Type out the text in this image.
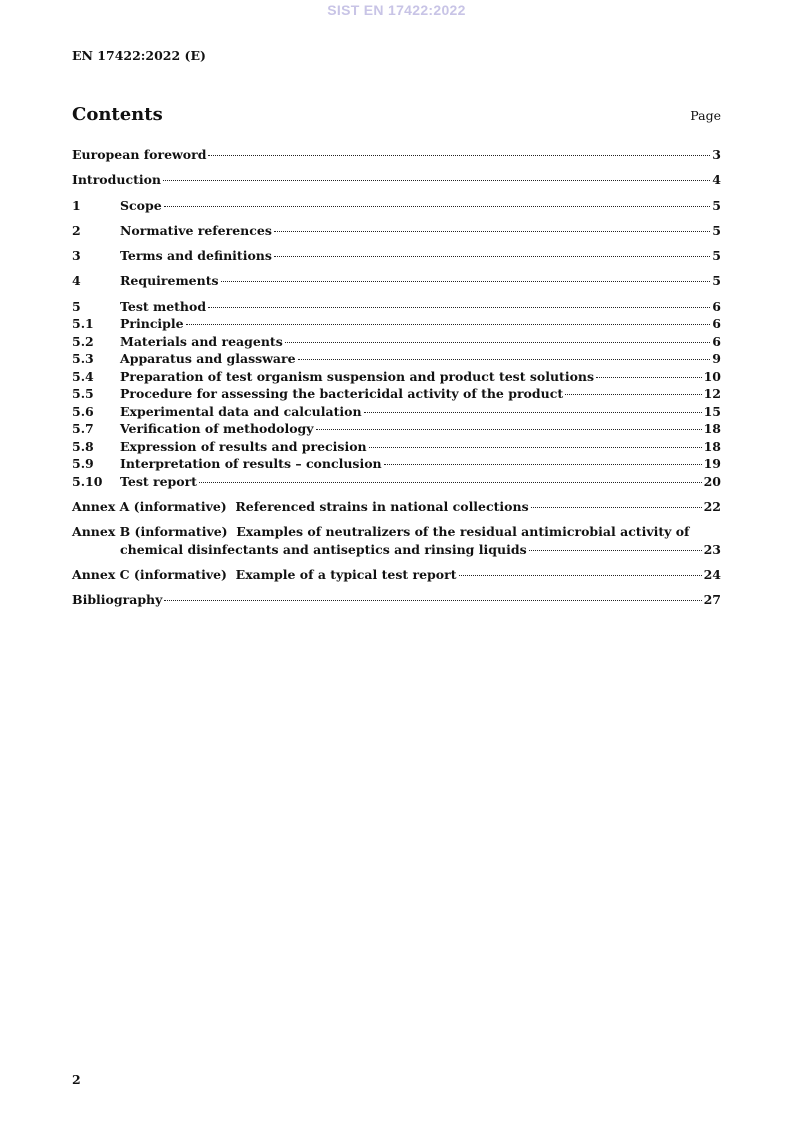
SIST EN 17422:2022
EN 17422:2022 (E)
Contents	Page
European foreword	3
Introduction	4
1	Scope	5
2	Normative references	5
3	Terms and definitions	5
4	Requirements	5
5	Test method	6
5.1	Principle	6
5.2	Materials and reagents	6
5.3	Apparatus and glassware	9
5.4	Preparation of test organism suspension and product test solutions	10
5.5	Procedure for assessing the bactericidal activity of the product	12
5.6	Experimental data and calculation	15
5.7	Verification of methodology	18
5.8	Expression of results and precision	18
5.9	Interpretation of results – conclusion	19
5.10	Test report	20
Annex A (informative)  Referenced strains in national collections	22
Annex B (informative)  Examples of neutralizers of the residual antimicrobial activity of
chemical disinfectants and antiseptics and rinsing liquids	23
Annex C (informative)  Example of a typical test report	24
Bibliography	27
2
